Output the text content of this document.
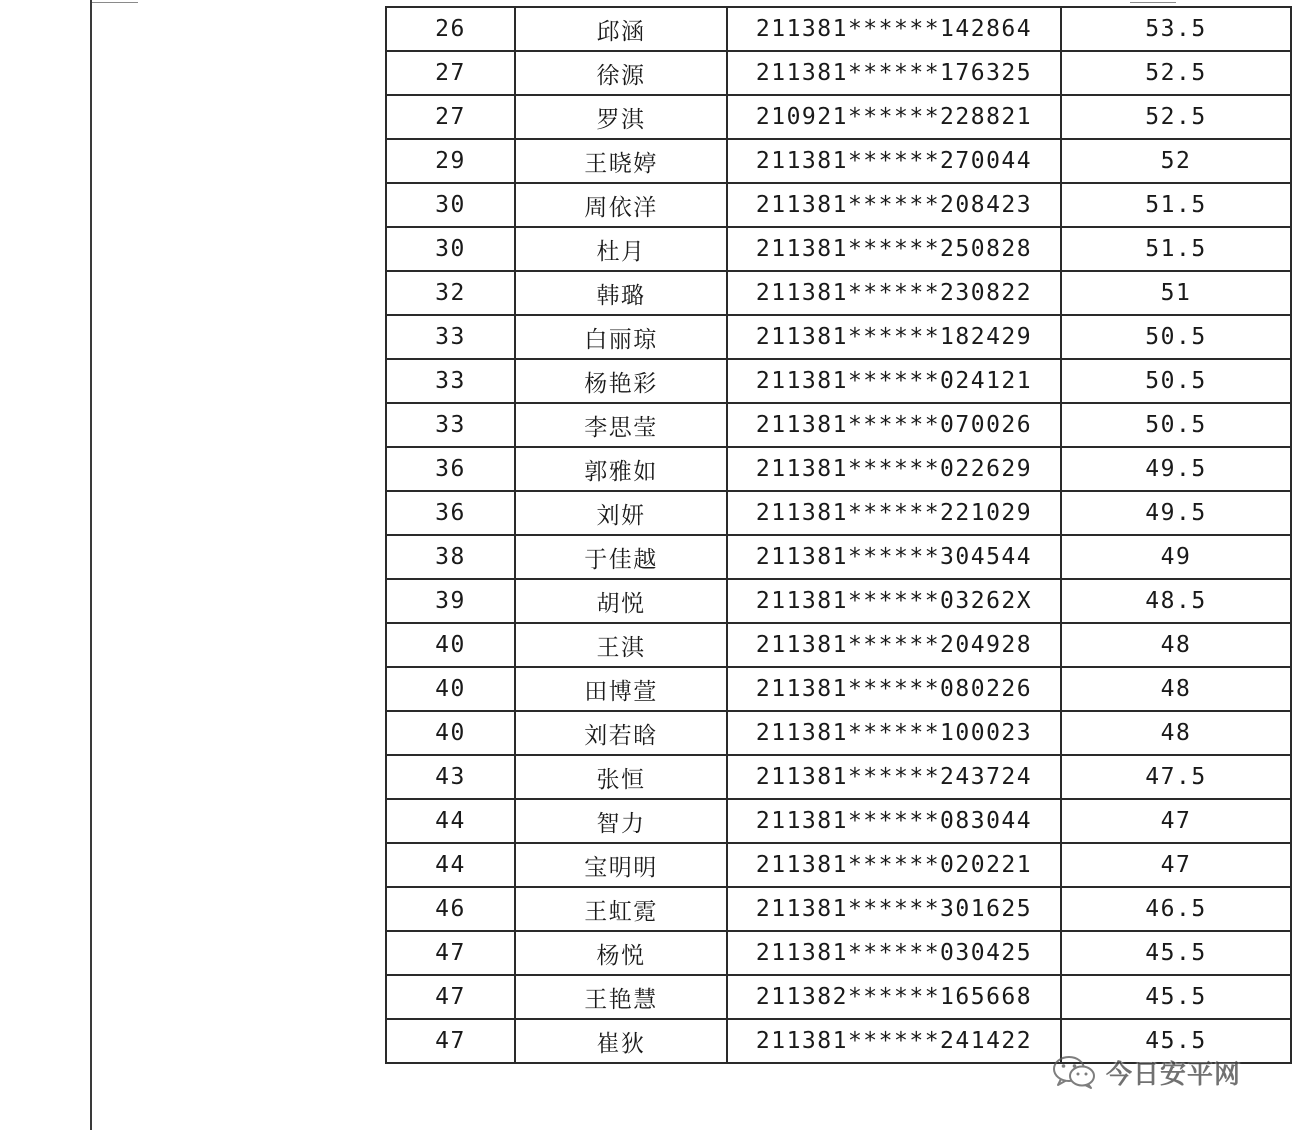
26	邱涵	211381******142864	53.5
27	徐源	211381******176325	52.5
27	罗淇	210921******228821	52.5
29	王晓婷	211381******270044	52
30	周依洋	211381******208423	51.5
30	杜月	211381******250828	51.5
32	韩璐	211381******230822	51
33	白丽琼	211381******182429	50.5
33	杨艳彩	211381******024121	50.5
33	李思莹	211381******070026	50.5
36	郭雅如	211381******022629	49.5
36	刘妍	211381******221029	49.5
38	于佳越	211381******304544	49
39	胡悦	211381******03262X	48.5
40	王淇	211381******204928	48
40	田博萱	211381******080226	48
40	刘若晗	211381******100023	48
43	张恒	211381******243724	47.5
44	智力	211381******083044	47
44	宝明明	211381******020221	47
46	王虹霓	211381******301625	46.5
47	杨悦	211381******030425	45.5
47	王艳慧	211382******165668	45.5
47	崔狄	211381******241422	45.5
今日安平网
